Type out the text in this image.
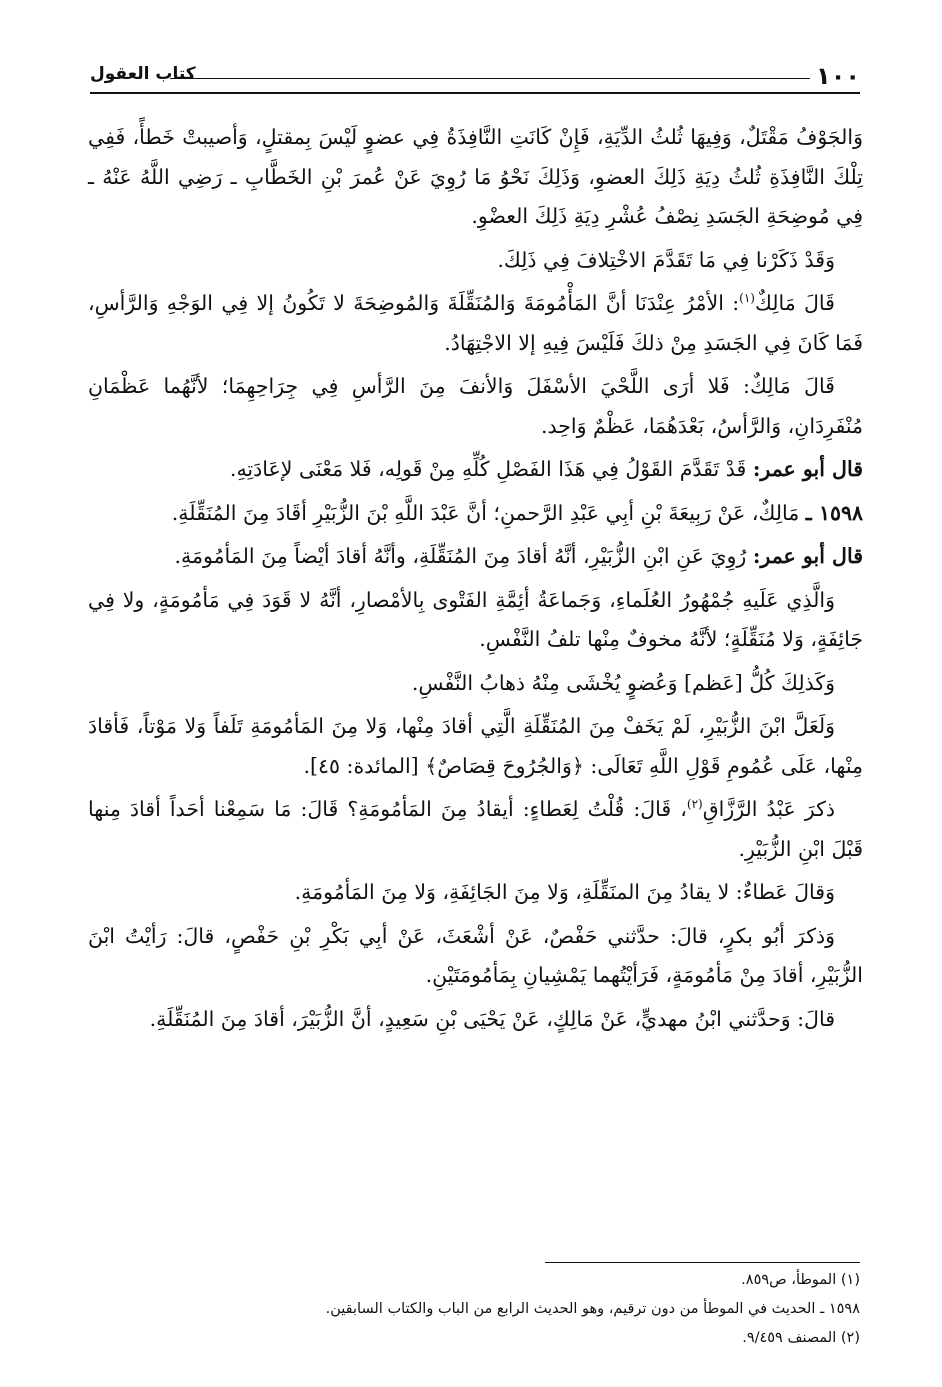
١٠٠
كتاب العقول

وَالجَوْفُ مَقْتَلٌ، وَفِيهَا ثُلثُ الدِّيَةِ، فَإِنْ كَانَتِ النَّافِذَةُ فِي عضوٍ لَيْسَ بِمقتلٍ، وَأصيبتْ خَطأً، فَفِي تِلْكَ النَّافِذَةِ ثُلثُ دِيَةِ ذَلِكَ العضوِ، وَذَلِكَ نَحْوُ مَا رُوِيَ عَنْ عُمرَ بْنِ الخَطَّابِ ـ رَضِي اللَّهُ عَنْهُ ـ فِي مُوضِحَةِ الجَسَدِ نِصْفُ عُشْرِ دِيَةِ ذَلِكَ العضْوِ.

وَقَدْ ذَكَرْنا فِي مَا تَقَدَّمَ الاخْتِلافَ فِي ذَلِكَ.

قَالَ مَالِكٌ$^{(١)}$: الأمْرُ عِنْدَنَا أنَّ المَأْمُومَةَ وَالمُنَقِّلَةَ وَالمُوضِحَةَ لا تَكُونُ إلا فِي الوَجْهِ وَالرَّأسِ، فَمَا كَانَ فِي الجَسَدِ مِنْ ذلكَ فَلَيْسَ فِيهِ إلا الاجْتِهَادُ.

قَالَ مَالِكٌ: فَلا أرَى اللَّحْيَ الأسْفَلَ وَالأنفَ مِنَ الرَّأسِ فِي جِرَاحِهِمَا؛ لأنَّهُما عَظْمَانِ مُنْفَرِدَانِ، وَالرَّأسُ، بَعْدَهُمَا، عَظْمٌ وَاحِد.

قال أبو عمر: قَدْ تَقَدَّمَ القَوْلُ فِي هَذَا الفَصْلِ كُلِّهِ مِنْ قَولِه، فَلا مَعْنَى لإعَادَتِهِ.

١٥٩٨ ـ مَالِكٌ، عَنْ رَبِيعَةَ بْنِ أبِي عَبْدِ الرَّحمنِ؛ أنَّ عَبْدَ اللَّهِ بْنَ الزُّبَيْرِ أقَادَ مِنَ المُنَقِّلَةِ.

قال أبو عمر: رُوِيَ عَنِ ابْنِ الزُّبَيْرِ، أنَّهُ أقادَ مِنَ المُنَقِّلَةِ، وأنَّهُ أقادَ أيْضاً مِنَ المَأمُومَةِ.

وَالَّذِي عَلَيهِ جُمْهُورُ العُلَماءِ، وَجَماعَةُ أئِمَّةِ الفَتْوى بِالأمْصارِ، أنَّهُ لا قَوَدَ فِي مَأمُومَةٍ، ولا فِي جَائِفَةٍ، وَلا مُنَقِّلَةٍ؛ لأنَّهُ مخوفٌ مِنْها تلفُ النَّفْسِ.

وَكَذلِكَ كُلُّ [عَظم] وَعُضوٍ يُخْشَى مِنْهُ ذهابُ النَّفْسِ.

وَلَعَلَّ ابْنَ الزُّبَيْرِ، لَمْ يَخَفْ مِنَ المُنَقِّلَةِ الَّتِي أقادَ مِنْها، وَلا مِنَ المَأمُومَةِ تَلَفاً وَلا مَوْتاً، فَأقادَ مِنْها، عَلَى عُمُومِ قَوْلِ اللَّهِ تَعَالَى: ﴿وَالجُرُوحَ قِصَاصٌ﴾ [المائدة: ٤٥].

ذكرَ عَبْدُ الرَّزَّاقِ$^{(٢)}$، قَالَ: قُلْتُ لِعَطاءٍ: أيقادُ مِنَ المَأمُومَةِ؟ قَالَ: مَا سَمِعْنا أحَداً أقادَ مِنها قَبْلَ ابْنِ الزُّبَيْرِ.

وَقالَ عَطاءٌ: لا يقادُ مِنَ المنَقِّلَةِ، وَلا مِنَ الجَائِفَةِ، وَلا مِنَ المَأمُومَةِ.

وَذكرَ أبُو بكرٍ، قالَ: حدَّثني حَفْصٌ، عَنْ أشْعَثَ، عَنْ أبِي بَكْرِ بْنِ حَفْصٍ، قالَ: رَأيْتُ ابْنَ الزُّبَيْرِ، أقادَ مِنْ مَأمُومَةٍ، فَرَأيْتُهما يَمْشِيانِ بِمَأمُومَتَيْنِ.

قالَ: وَحدَّثني ابْنُ مهديٍّ، عَنْ مَالِكٍ، عَنْ يَحْيَى بْنِ سَعِيدٍ، أنَّ الزُّبَيْرَ، أقادَ مِنَ المُنَقِّلَةِ.

(١) الموطأ، ص٨٥٩.
١٥٩٨ ـ الحديث في الموطأ من دون ترقيم، وهو الحديث الرابع من الباب والكتاب السابقين.
(٢) المصنف ٩/٤٥٩.
